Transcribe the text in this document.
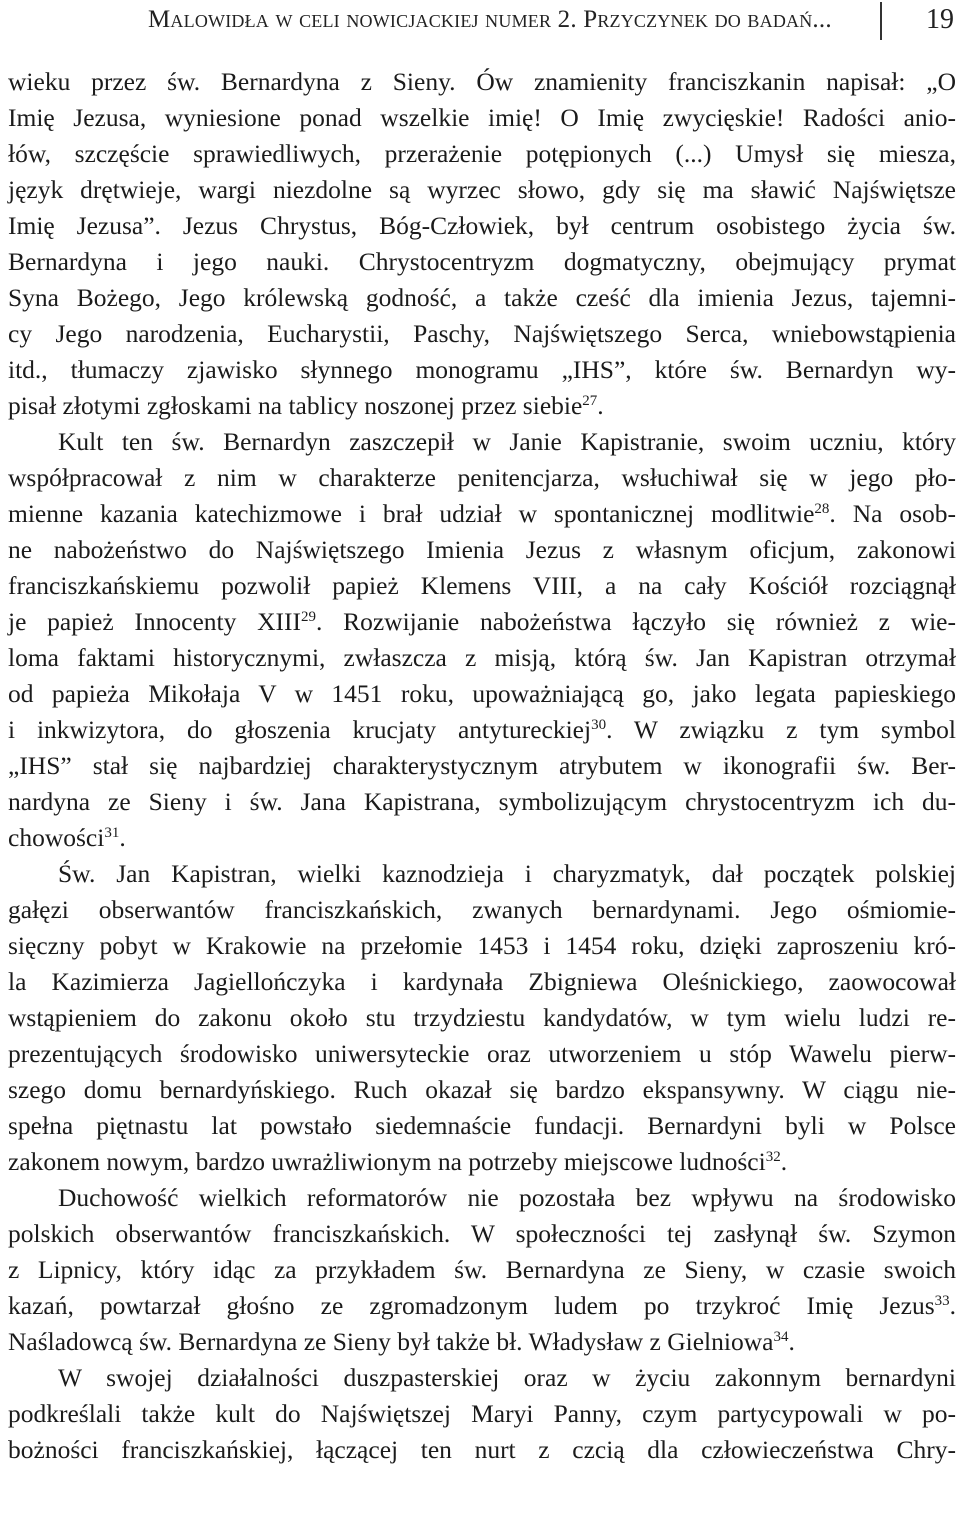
Malowidła w celi nowicjackiej numer 2. Przyczynek do badań...	19
wieku przez św. Bernardyna z Sieny. Ów znamienity franciszkanin napisał: „O
Imię Jezusa, wyniesione ponad wszelkie imię! O Imię zwycięskie! Radości anio-
łów, szczęście sprawiedliwych, przerażenie potępionych (...) Umysł się miesza,
język drętwieje, wargi niezdolne są wyrzec słowo, gdy się ma sławić Najświętsze
Imię Jezusa”. Jezus Chrystus, Bóg-Człowiek, był centrum osobistego życia św.
Bernardyna i jego nauki. Chrystocentryzm dogmatyczny, obejmujący prymat
Syna Bożego, Jego królewską godność, a także cześć dla imienia Jezus, tajemni-
cy Jego narodzenia, Eucharystii, Paschy, Najświętszego Serca, wniebowstąpienia
itd., tłumaczy zjawisko słynnego monogramu „IHS”, które św. Bernardyn wy-
pisał złotymi zgłoskami na tablicy noszonej przez siebie$^{27}$.
Kult ten św. Bernardyn zaszczepił w Janie Kapistranie, swoim uczniu, który
współpracował z nim w charakterze penitencjarza, wsłuchiwał się w jego pło-
mienne kazania katechizmowe i brał udział w spontanicznej modlitwie$^{28}$. Na osob-
ne nabożeństwo do Najświętszego Imienia Jezus z własnym oficjum, zakonowi
franciszkańskiemu pozwolił papież Klemens VIII, a na cały Kościół rozciągnął
je papież Innocenty XIII$^{29}$. Rozwijanie nabożeństwa łączyło się również z wie-
loma faktami historycznymi, zwłaszcza z misją, którą św. Jan Kapistran otrzymał
od papieża Mikołaja V w 1451 roku, upoważniającą go, jako legata papieskiego
i inkwizytora, do głoszenia krucjaty antytureckiej$^{30}$. W związku z tym symbol
„IHS” stał się najbardziej charakterystycznym atrybutem w ikonografii św. Ber-
nardyna ze Sieny i św. Jana Kapistrana, symbolizującym chrystocentryzm ich du-
chowości$^{31}$.
Św. Jan Kapistran, wielki kaznodzieja i charyzmatyk, dał początek polskiej
gałęzi obserwantów franciszkańskich, zwanych bernardynami. Jego ośmiomie-
sięczny pobyt w Krakowie na przełomie 1453 i 1454 roku, dzięki zaproszeniu kró-
la Kazimierza Jagiellończyka i kardynała Zbigniewa Oleśnickiego, zaowocował
wstąpieniem do zakonu około stu trzydziestu kandydatów, w tym wielu ludzi re-
prezentujących środowisko uniwersyteckie oraz utworzeniem u stóp Wawelu pierw-
szego domu bernardyńskiego. Ruch okazał się bardzo ekspansywny. W ciągu nie-
spełna piętnastu lat powstało siedemnaście fundacji. Bernardyni byli w Polsce
zakonem nowym, bardzo uwrażliwionym na potrzeby miejscowe ludności$^{32}$.
Duchowość wielkich reformatorów nie pozostała bez wpływu na środowisko
polskich obserwantów franciszkańskich. W społeczności tej zasłynął św. Szymon
z Lipnicy, który idąc za przykładem św. Bernardyna ze Sieny, w czasie swoich
kazań, powtarzał głośno ze zgromadzonym ludem po trzykroć Imię Jezus$^{33}$.
Naśladowcą św. Bernardyna ze Sieny był także bł. Władysław z Gielniowa$^{34}$.
W swojej działalności duszpasterskiej oraz w życiu zakonnym bernardyni
podkreślali także kult do Najświętszej Maryi Panny, czym partycypowali w po-
bożności franciszkańskiej, łączącej ten nurt z czcią dla człowieczeństwa Chry-
